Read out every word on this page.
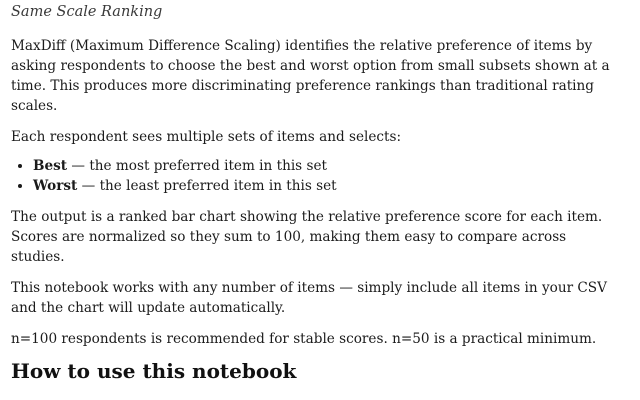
Same Scale Ranking

MaxDiff (Maximum Difference Scaling) identifies the relative preference of items by asking respondents to choose the best and worst option from small subsets shown at a time. This produces more discriminating preference rankings than traditional rating scales.

Each respondent sees multiple sets of items and selects:

• Best — the most preferred item in this set
• Worst — the least preferred item in this set

The output is a ranked bar chart showing the relative preference score for each item. Scores are normalized so they sum to 100, making them easy to compare across studies.

This notebook works with any number of items — simply include all items in your CSV and the chart will update automatically.

n=100 respondents is recommended for stable scores. n=50 is a practical minimum.

How to use this notebook
